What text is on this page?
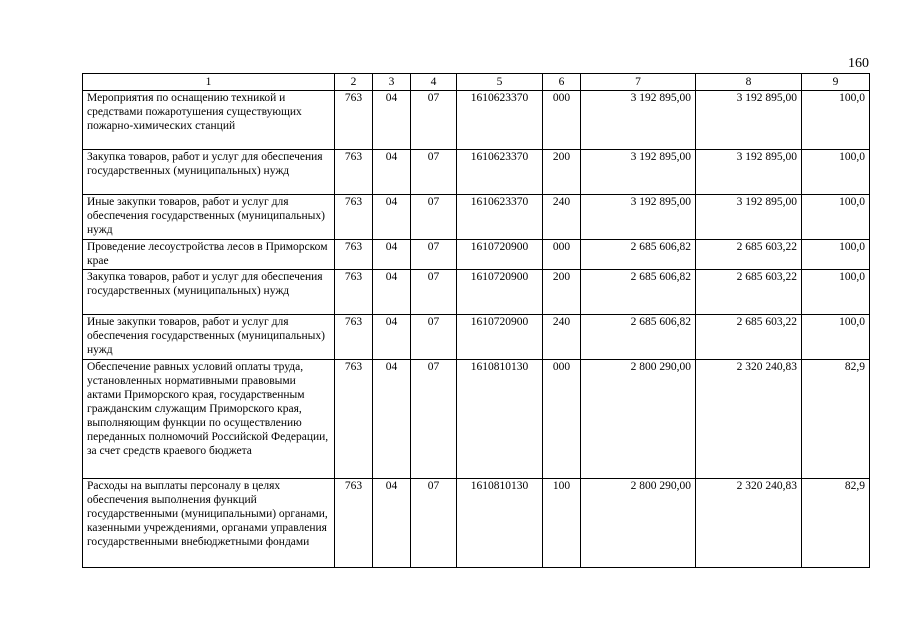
160
1	2	3	4	5	6	7	8	9
Мероприятия по оснащению техникой и средствами пожаротушения существующих пожарно-химических станций	763	04	07	1610623370	000	3 192 895,00	3 192 895,00	100,0
Закупка товаров, работ и услуг для обеспечения государственных (муниципальных) нужд	763	04	07	1610623370	200	3 192 895,00	3 192 895,00	100,0
Иные закупки товаров, работ и услуг для обеспечения государственных (муниципальных) нужд	763	04	07	1610623370	240	3 192 895,00	3 192 895,00	100,0
Проведение лесоустройства лесов в Приморском крае	763	04	07	1610720900	000	2 685 606,82	2 685 603,22	100,0
Закупка товаров, работ и услуг для обеспечения государственных (муниципальных) нужд	763	04	07	1610720900	200	2 685 606,82	2 685 603,22	100,0
Иные закупки товаров, работ и услуг для обеспечения государственных (муниципальных) нужд	763	04	07	1610720900	240	2 685 606,82	2 685 603,22	100,0
Обеспечение равных условий оплаты труда, установленных нормативными правовыми актами Приморского края, государственным гражданским служащим Приморского края, выполняющим функции по осуществлению переданных полномочий Российской Федерации, за счет средств краевого бюджета	763	04	07	1610810130	000	2 800 290,00	2 320 240,83	82,9
Расходы на выплаты персоналу в целях обеспечения выполнения функций государственными (муниципальными) органами, казенными учреждениями, органами управления государственными внебюджетными фондами	763	04	07	1610810130	100	2 800 290,00	2 320 240,83	82,9
